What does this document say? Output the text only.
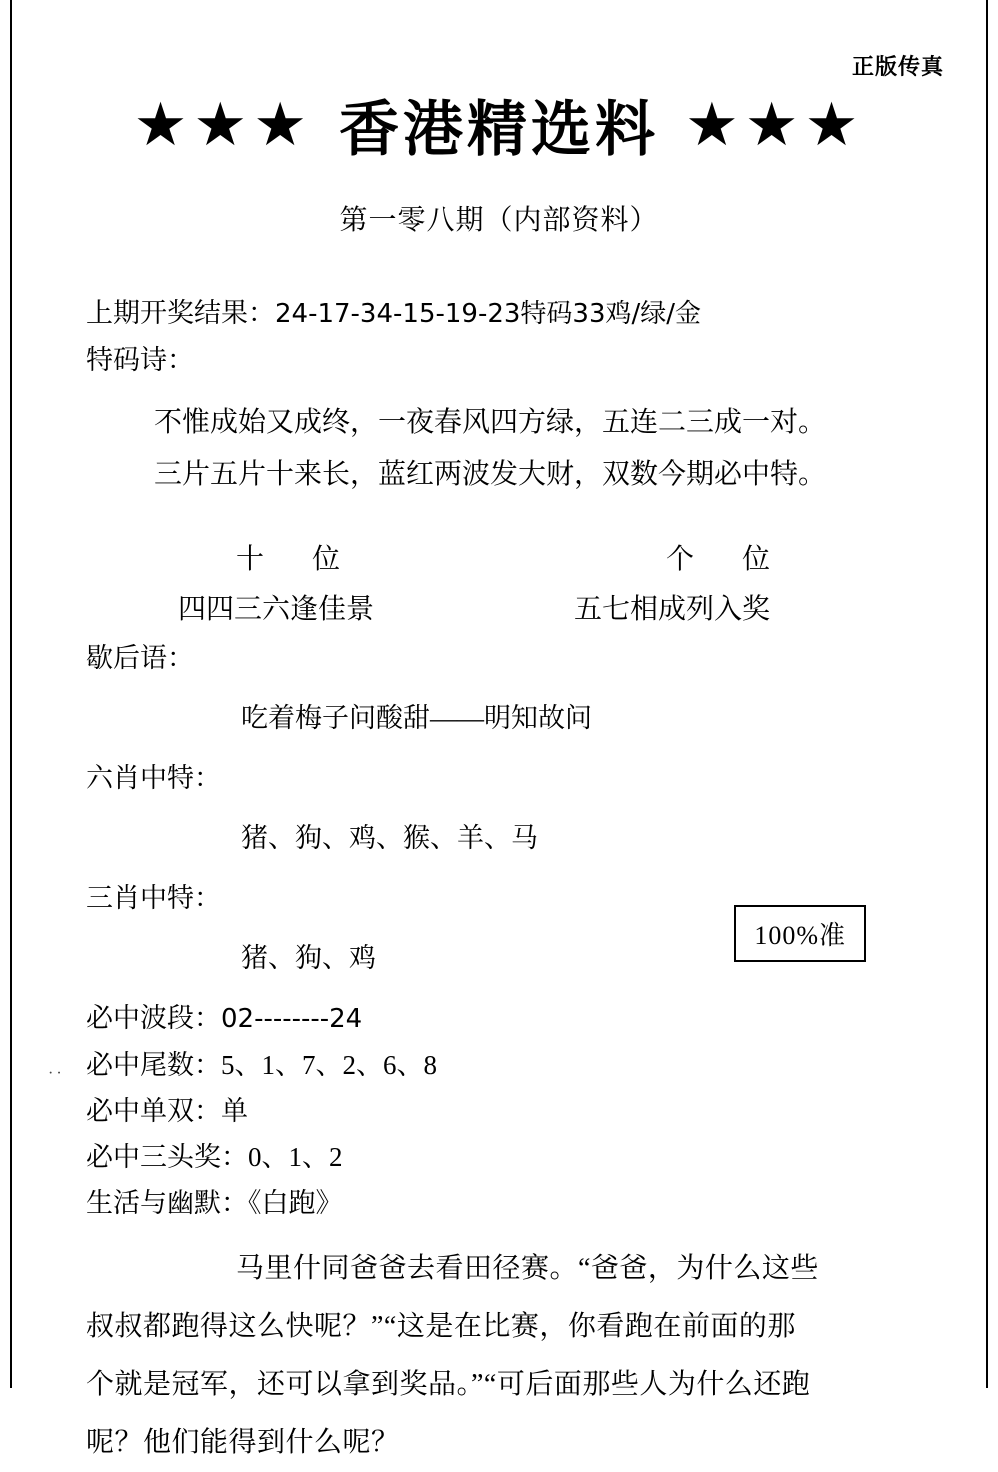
正版传真
★★★ 香港精选料 ★★★
第一零八期（内部资料）
上期开奖结果：24-17-34-15-19-23特码33鸡/绿/金
特码诗：
不惟成始又成终，一夜春风四方绿，五连二三成一对。
三片五片十来长，蓝红两波发大财，双数今期必中特。
十　位	个　位
四四三六逢佳景	五七相成列入奖
歇后语：
吃着梅子问酸甜——明知故问
六肖中特：
猪、狗、鸡、猴、羊、马
三肖中特：
猪、狗、鸡
必中波段：02--------24
必中尾数：5、1、7、2、6、8
必中单双：单
必中三头奖：0、1、2
生活与幽默：《白跑》
马里什同爸爸去看田径赛。“爸爸，为什么这些
叔叔都跑得这么快呢？”“这是在比赛，你看跑在前面的那
个就是冠军，还可以拿到奖品。”“可后面那些人为什么还跑
呢？他们能得到什么呢？
100%准
··
